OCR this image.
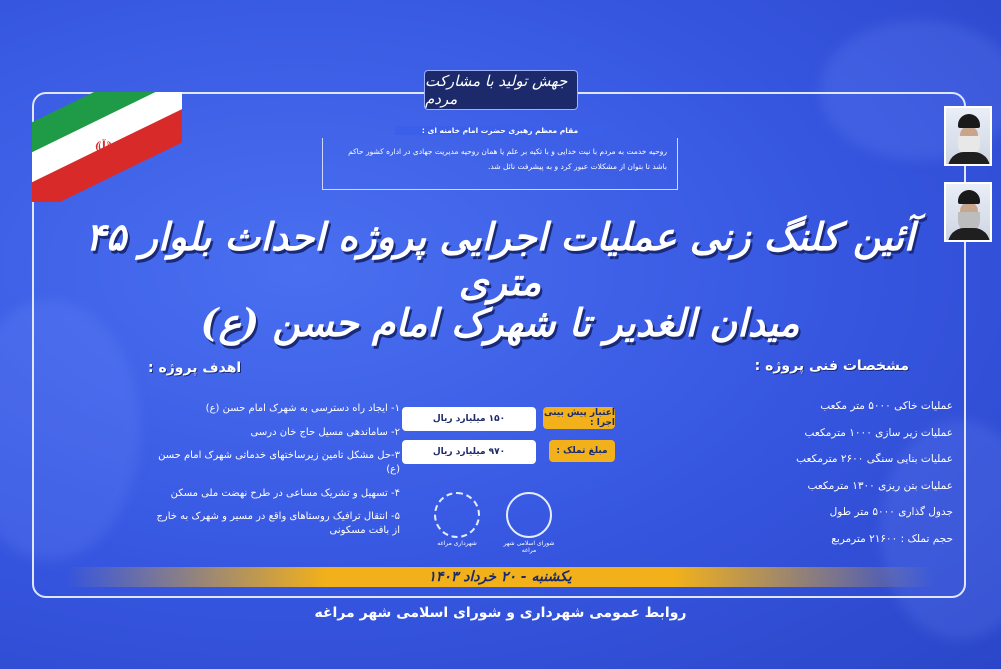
☫
جهش تولید با مشارکت مردم
روحیه خدمت به مردم با نیت خدایی و با تکیه بر علم یا همان روحیه مدیریت جهادی در اداره کشور حاکم باشد تا بتوان از مشکلات عبور کرد و به پیشرفت نائل شد.
مقام معظم رهبری حضرت امام خامنه ای :
آئین کلنگ زنی عملیات اجرایی پروژه احداث بلوار ۴۵ متری
میدان الغدیر تا شهرک امام حسن (ع)
مشخصات فنی پروژه :
اهدف پروژه :
عملیات خاکی ۵۰۰۰ متر مکعب
عملیات زیر سازی ۱۰۰۰ مترمکعب
عملیات بنایی سنگی ۲۶۰۰ مترمکعب
عملیات بتن ریزی ۱۳۰۰ مترمکعب
جدول گذاری ۵۰۰۰ متر طول
حجم تملک : ۲۱۶۰۰ مترمربع
۱- ایجاد راه دسترسی به شهرک امام حسن (ع)
۲- ساماندهی مسیل حاج خان درسی
۳-حل مشکل تامین زیرساختهای خدماتی شهرک امام حسن (ع)
۴- تسهیل و تشریک مساعی در طرح نهضت ملی مسکن
۵- انتقال ترافیک روستاهای واقع در مسیر و شهرک به خارج از بافت مسکونی
اعتبار پیش بینی اجرا :
۱۵۰ میلیارد ریال
مبلغ تملک :
۹۷۰ میلیارد ریال
شورای اسلامی شهر مراغه
شهرداری مراغه
یکشنبه - ۲۰ خرداد ۱۴۰۳
روابط عمومی شهرداری و شورای اسلامی شهر مراغه
